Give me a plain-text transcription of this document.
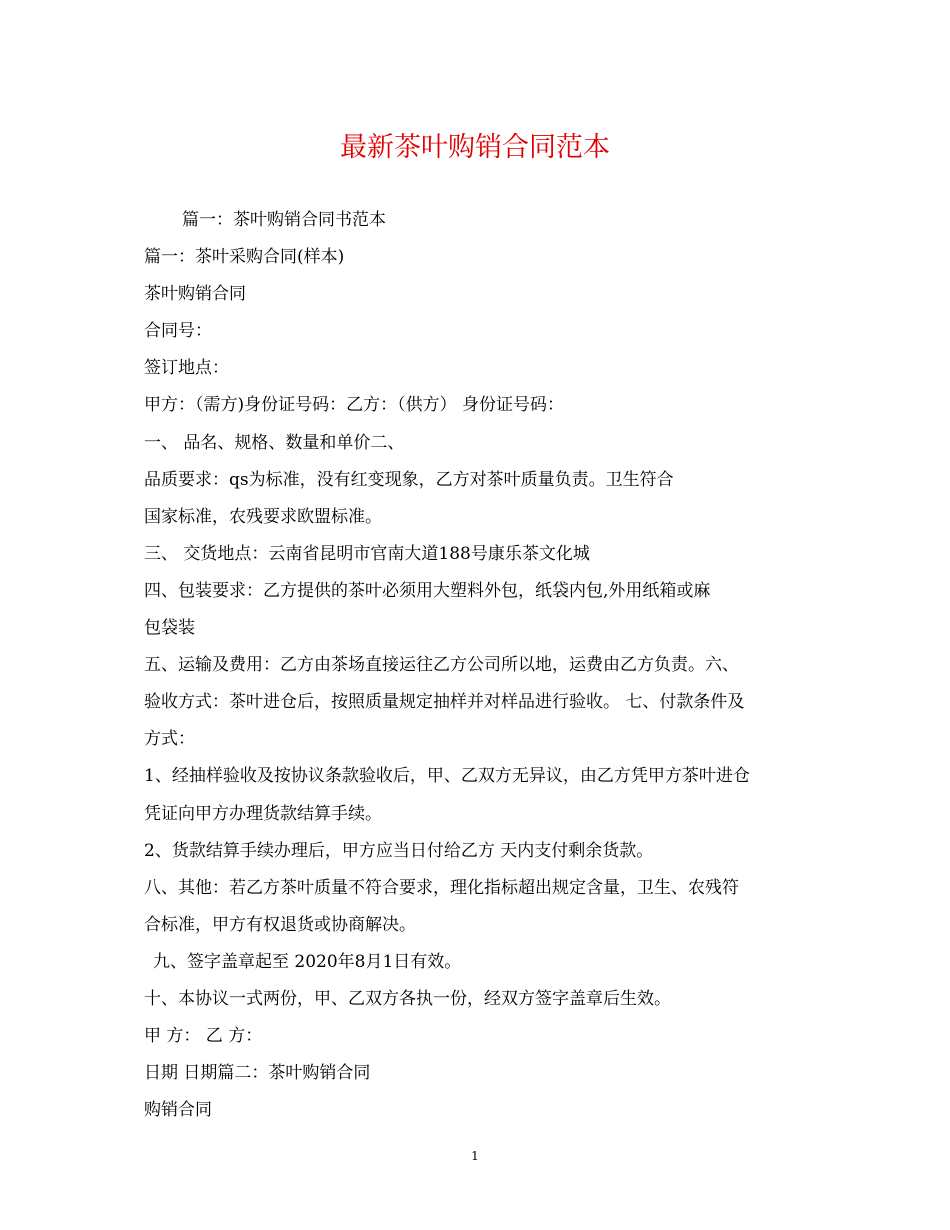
最新茶叶购销合同范本
篇一：茶叶购销合同书范本
篇一：茶叶采购合同(样本)
茶叶购销合同
合同号：
签订地点：
甲方：（需方)身份证号码：乙方：（供方） 身份证号码：
一、 品名、规格、数量和单价二、
品质要求：qs为标准，没有红变现象，乙方对茶叶质量负责。卫生符合
国家标准，农残要求欧盟标准。
三、 交货地点：云南省昆明市官南大道188号康乐茶文化城
四、包装要求：乙方提供的茶叶必须用大塑料外包，纸袋内包,外用纸箱或麻
包袋装
五、运输及费用：乙方由茶场直接运往乙方公司所以地，运费由乙方负责。六、
验收方式：茶叶进仓后，按照质量规定抽样并对样品进行验收。 七、付款条件及
方式：
1、经抽样验收及按协议条款验收后，甲、乙双方无异议，由乙方凭甲方茶叶进仓
凭证向甲方办理货款结算手续。
2、货款结算手续办理后，甲方应当日付给乙方 天内支付剩余货款。
八、其他：若乙方茶叶质量不符合要求，理化指标超出规定含量，卫生、农残符
合标准，甲方有权退货或协商解决。
九、签字盖章起至 2020年8月1日有效。
十、本协议一式两份，甲、乙双方各执一份，经双方签字盖章后生效。
甲 方： 乙 方：
日期 日期篇二：茶叶购销合同
购销合同
1
